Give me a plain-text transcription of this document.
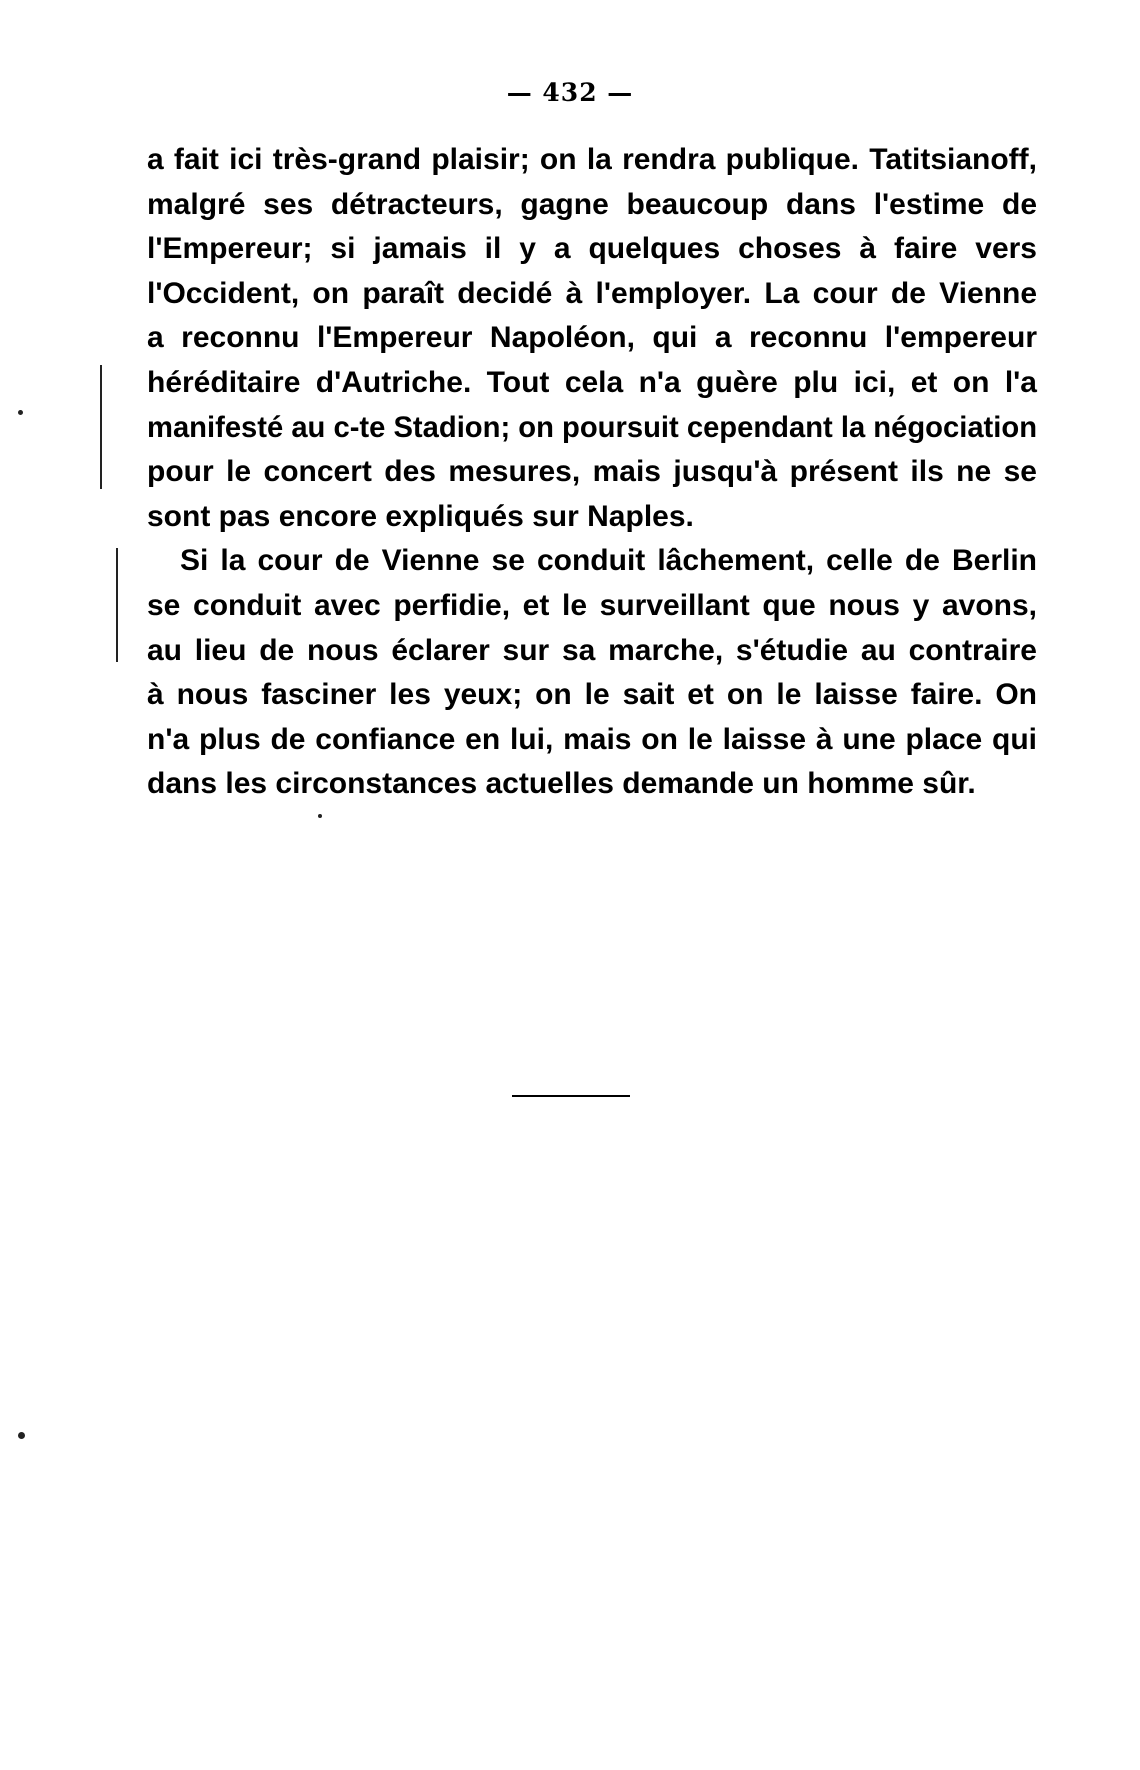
— 432 —
a fait ici très-grand plaisir; on la rendra publique. Tatitsianoff,
malgré ses détracteurs, gagne beaucoup dans l'estime de
l'Empereur; si jamais il y a quelques choses à faire vers
l'Occident, on paraît decidé à l'employer. La cour de Vienne
a reconnu l'Empereur Napoléon, qui a reconnu l'empereur
héréditaire d'Autriche. Tout cela n'a guère plu ici, et on l'a
manifesté au c-te Stadion; on poursuit cependant la négociation
pour le concert des mesures, mais jusqu'à présent ils ne se
sont pas encore expliqués sur Naples.
Si la cour de Vienne se conduit lâchement, celle de Berlin
se conduit avec perfidie, et le surveillant que nous y avons,
au lieu de nous éclarer sur sa marche, s'étudie au contraire
à nous fasciner les yeux; on le sait et on le laisse faire. On
n'a plus de confiance en lui, mais on le laisse à une place qui
dans les circonstances actuelles demande un homme sûr.
